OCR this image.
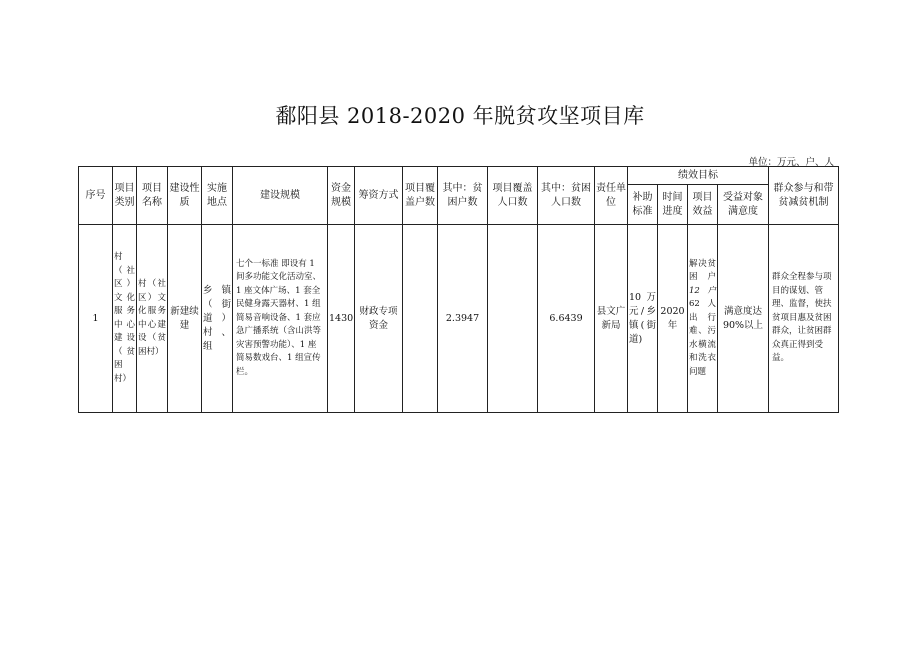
鄱阳县 2018-2020 年脱贫攻坚项目库
单位：万元、户、人
序号	项目类别	项目名称	建设性质	实施地点	建设规模	资金规模	筹资方式	项目覆盖户数	其中：贫困户数	项目覆盖人口数	其中：贫困人口数	责任单位	绩效目标				群众参与和带贫减贫机制
													补助标准	时间进度	项目效益	受益对象满意度	
1	村（社区）文化服务中心建设（贫困村）	村（社区）文化服务中心建设（贫困村）	新建续建	乡镇（街道）村、组	七个一标准 即设有 1 间多功能文化活动室、1 座文体广场、1 套全民健身露天器材、1 组简易音响设备、1 套应急广播系统（含山洪等灾害预警功能）、1 座简易数戏台、1 组宣传栏。	1430	财政专项资金		2.3947		6.6439	县文广新局	10 万元/乡镇(街道)	2020 年	解决贫困户 12 户 62 人出行难、污水横流和洗衣问题	满意度达 90%以上	群众全程参与项目的谋划、管理、监督，使扶贫项目惠及贫困群众，让贫困群众真正得到受益。
